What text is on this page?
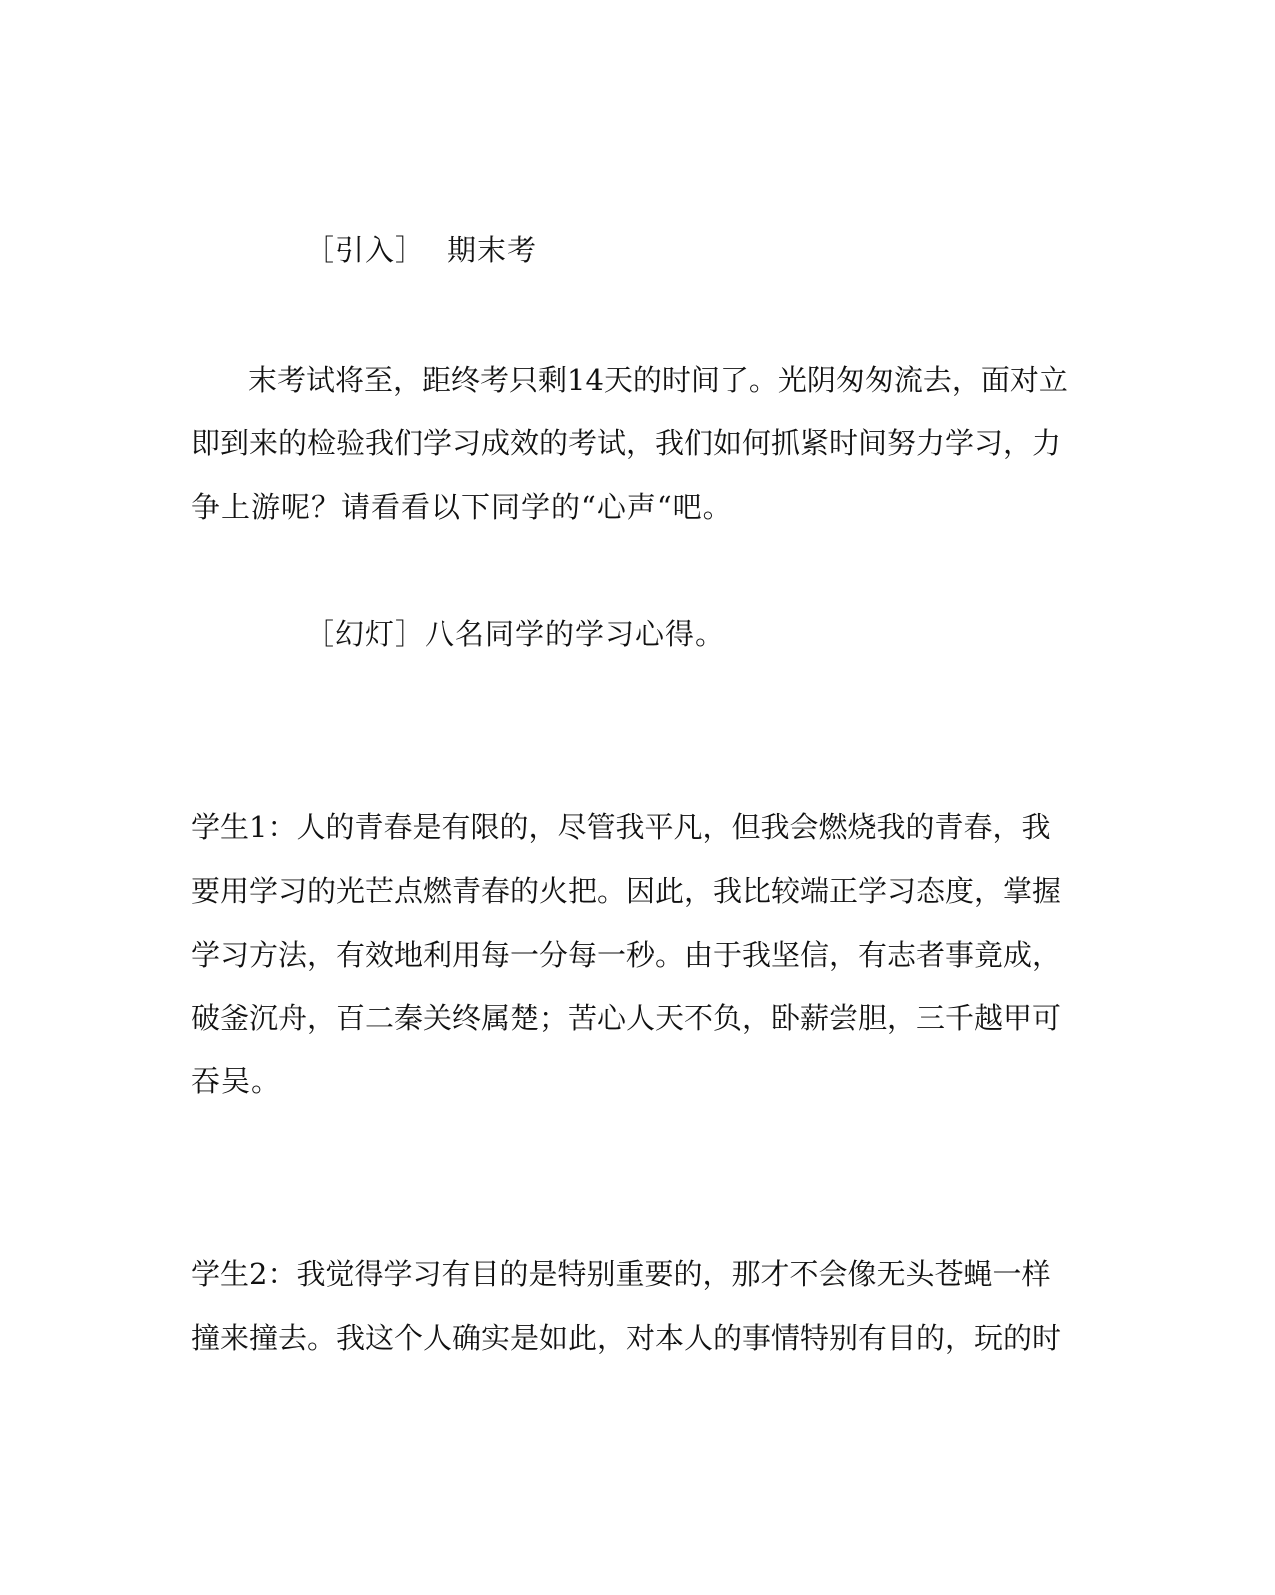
［引入］ 期末考
末考试将至，距终考只剩14天的时间了。光阴匆匆流去，面对立
即到来的检验我们学习成效的考试，我们如何抓紧时间努力学习，力
争上游呢？请看看以下同学的“心声“吧。
［幻灯］八名同学的学习心得。
学生1：人的青春是有限的，尽管我平凡，但我会燃烧我的青春，我
要用学习的光芒点燃青春的火把。因此，我比较端正学习态度，掌握
学习方法，有效地利用每一分每一秒。由于我坚信，有志者事竟成，
破釜沉舟，百二秦关终属楚；苦心人天不负，卧薪尝胆，三千越甲可
吞吴。
学生2：我觉得学习有目的是特别重要的，那才不会像无头苍蝇一样
撞来撞去。我这个人确实是如此，对本人的事情特别有目的，玩的时
